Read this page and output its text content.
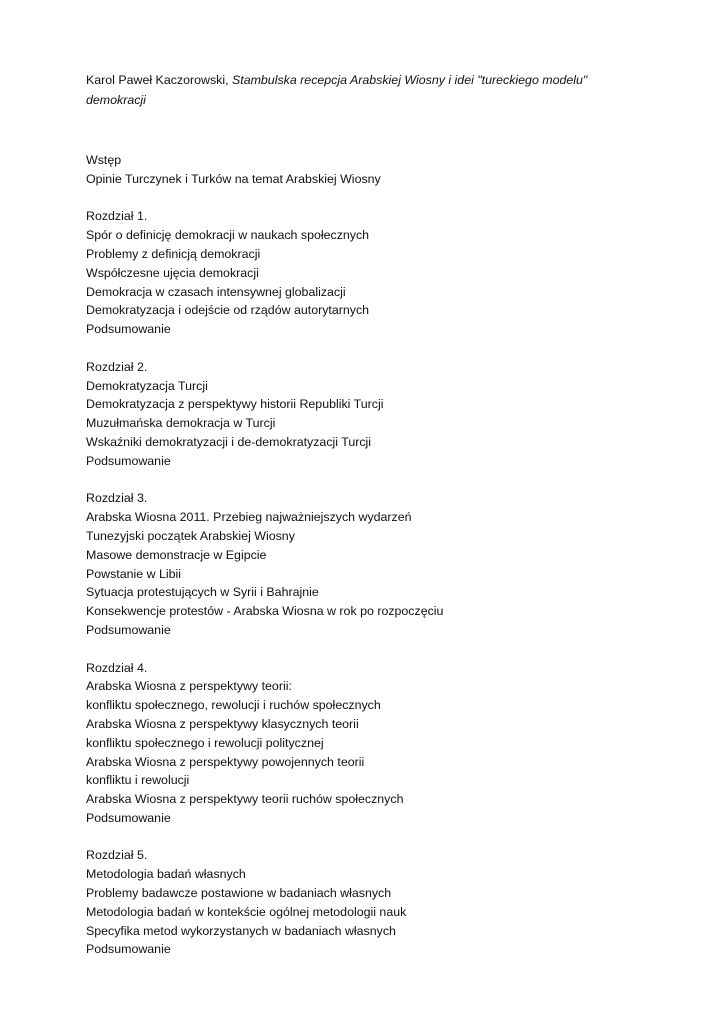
Karol Paweł Kaczorowski, Stambulska recepcja Arabskiej Wiosny i idei "tureckiego modelu"
demokracji
Wstęp
Opinie Turczynek i Turków na temat Arabskiej Wiosny
Rozdział 1.
Spór o definicję demokracji w naukach społecznych
Problemy z definicją demokracji
Współczesne ujęcia demokracji
Demokracja w czasach intensywnej globalizacji
Demokratyzacja i odejście od rządów autorytarnych
Podsumowanie
Rozdział 2.
Demokratyzacja Turcji
Demokratyzacja z perspektywy historii Republiki Turcji
Muzułmańska demokracja w Turcji
Wskaźniki demokratyzacji i de-demokratyzacji Turcji
Podsumowanie
Rozdział 3.
Arabska Wiosna 2011. Przebieg najważniejszych wydarzeń
Tunezyjski początek Arabskiej Wiosny
Masowe demonstracje w Egipcie
Powstanie w Libii
Sytuacja protestujących w Syrii i Bahrajnie
Konsekwencje protestów - Arabska Wiosna w rok po rozpoczęciu
Podsumowanie
Rozdział 4.
Arabska Wiosna z perspektywy teorii:
konfliktu społecznego, rewolucji i ruchów społecznych
Arabska Wiosna z perspektywy klasycznych teorii
konfliktu społecznego i rewolucji politycznej
Arabska Wiosna z perspektywy powojennych teorii
konfliktu i rewolucji
Arabska Wiosna z perspektywy teorii ruchów społecznych
Podsumowanie
Rozdział 5.
Metodologia badań własnych
Problemy badawcze postawione w badaniach własnych
Metodologia badań w kontekście ogólnej metodologii nauk
Specyfika metod wykorzystanych w badaniach własnych
Podsumowanie
